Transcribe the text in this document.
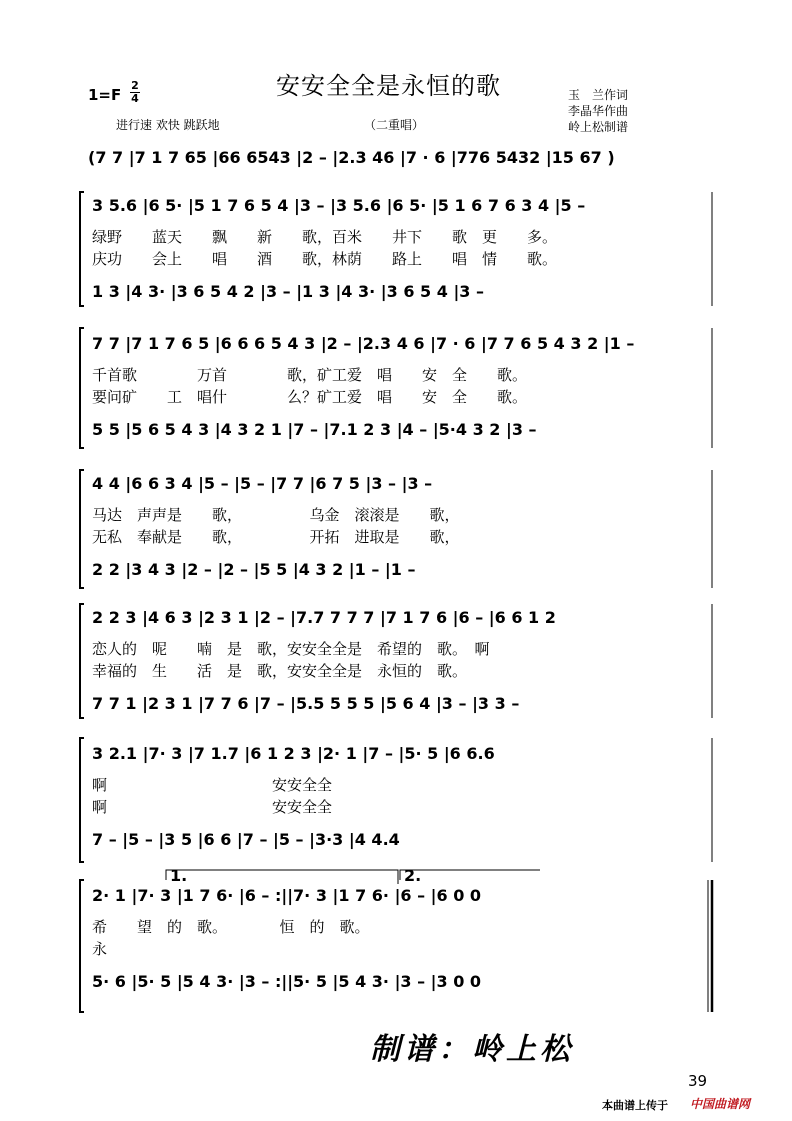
安安全全是永恒的歌
1=F
2
4
进行速 欢快 跳跃地	（二重唱）
玉　兰作词
李晶华作曲
岭上松制谱
(7 7 |7 1 7 65 |66 6543 |2 – |2.3 46 |7 · 6 |776 5432 |15 67 )
3 5.6 |6 5· |5 1 7 6 5 4 |3 – |3 5.6 |6 5· |5 1 6 7 6 3 4 |5 –
绿野　　蓝天　　飘　　新　　歌，百米　　井下　　歌　更　　多。
庆功　　会上　　唱　　酒　　歌，林荫　　路上　　唱　情　　歌。
1 3 |4 3· |3 6 5 4 2 |3 – |1 3 |4 3· |3 6 5 4 |3 –
7 7 |7 1 7 6 5 |6 6 6 5 4 3 |2 – |2.3 4 6 |7 · 6 |7 7 6 5 4 3 2 |1 –
千首歌　　　　万首　　　　歌，矿工爱　唱　　安　全　　歌。
要问矿　　工　唱什　　　　么？矿工爱　唱　　安　全　　歌。
5 5 |5 6 5 4 3 |4 3 2 1 |7 – |7.1 2 3 |4 – |5·4 3 2 |3 –
4 4 |6 6 3 4 |5 – |5 – |7 7 |6 7 5 |3 – |3 –
马达　声声是　　歌，　　　　　乌金　滚滚是　　歌，
无私　奉献是　　歌，　　　　　开拓　进取是　　歌，
2 2 |3 4 3 |2 – |2 – |5 5 |4 3 2 |1 – |1 –
2 2 3 |4 6 3 |2 3 1 |2 – |7.7 7 7 7 |7 1 7 6 |6 – |6 6 1 2
恋人的　呢　　喃　是　歌，安安全全是　希望的　歌。　啊
幸福的　生　　活　是　歌，安安全全是　永恒的　歌。
7 7 1 |2 3 1 |7 7 6 |7 – |5.5 5 5 5 |5 6 4 |3 – |3 3 –
3 2.1 |7· 3 |7 1.7 |6 1 2 3 |2· 1 |7 – |5· 5 |6 6.6
啊　　　　　　　　　　　安安全全
啊　　　　　　　　　　　安安全全
7 – |5 – |3 5 |6 6 |7 – |5 – |3·3 |4 4.4
2· 1 |7· 3 |1 7 6· |6 – :||7· 3 |1 7 6· |6 – |6 0 0
希　　望　的　歌。　　　　恒　的　歌。
永
5· 6 |5· 5 |5 4 3· |3 – :||5· 5 |5 4 3· |3 – |3 0 0
1.	2.
制谱：岭上松
39
本曲谱上传于 中国曲谱网
